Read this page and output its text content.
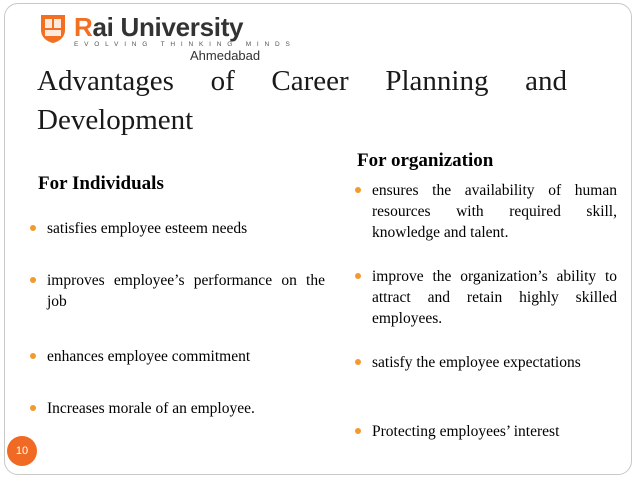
Rai University
EVOLVING THINKING MINDS
Ahmedabad
Advantages of Career Planning and
Development
For Individuals
For organization
satisfies employee esteem needs
improves employee’s performance on the job
enhances employee commitment
Increases morale of an employee.
ensures the availability of human resources with required skill, knowledge and talent.
improve the organization’s ability to attract and retain highly skilled employees.
satisfy the employee expectations
Protecting employees’ interest
10
